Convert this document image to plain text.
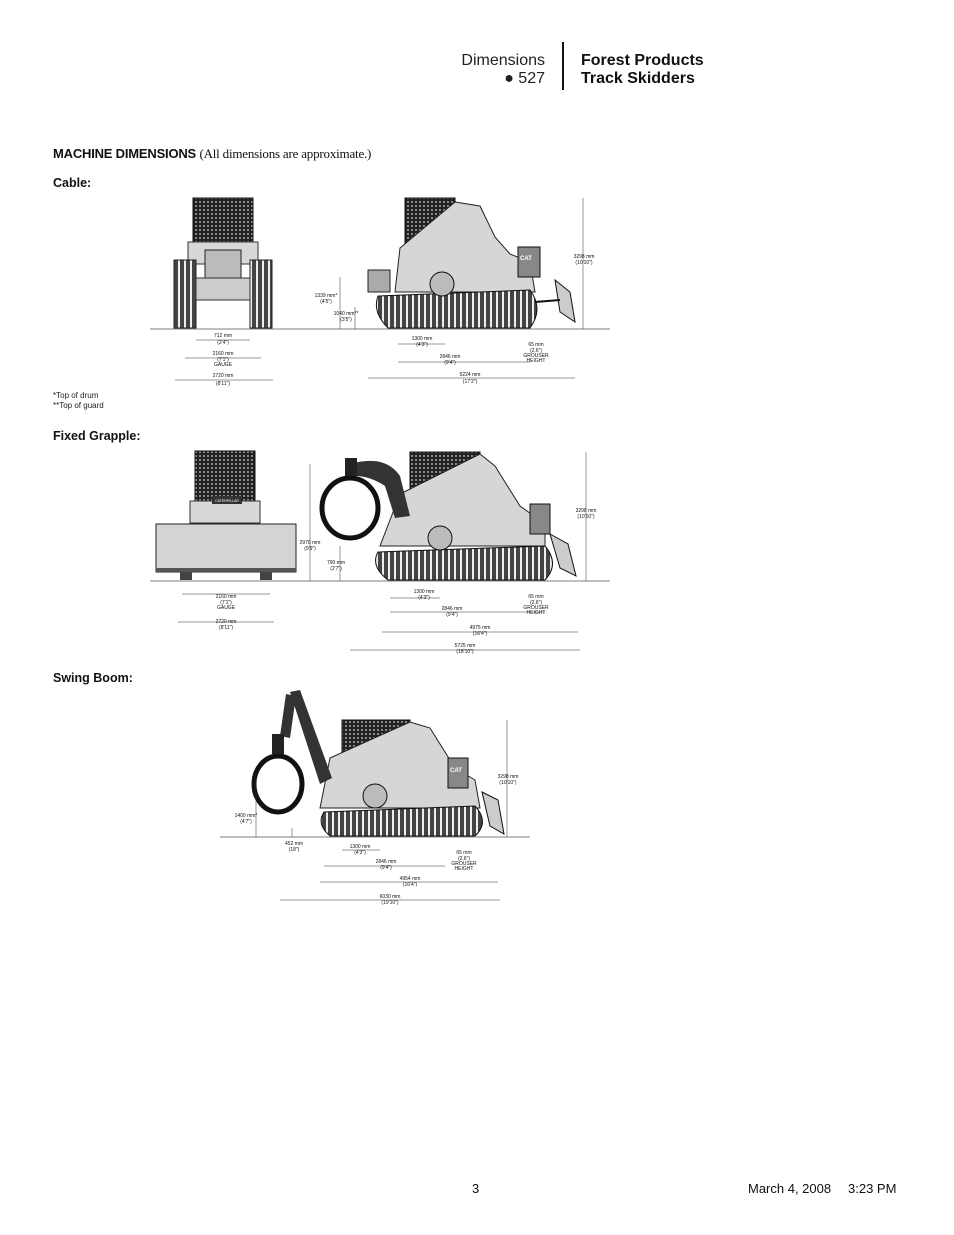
Dimensions
● 527
Forest Products
Track Skidders
MACHINE DIMENSIONS (All dimensions are approximate.)
Cable:
CAT
712 mm
(2'4")
2160 mm
(7'1")
GAUGE
2720 mm
(8'11")
3298 mm
(10'10")
1339 mm*
(4'5")
1040 mm**
(3'5")
1300 mm
(4'3")
2846 mm
(9'4")
65 mm
(2.6")
GROUSER
HEIGHT
5224 mm
(17'2")
*Top of drum
**Top of guard
Fixed Grapple:
CATERPILLAR
2970 mm
(9'9")
790 mm
(2'7")
3298 mm
(10'10")
2160 mm
(7'1")
GAUGE
2720 mm
(8'11")
1300 mm
(4'3")
2846 mm
(9'4")
65 mm
(2.6")
GROUSER
HEIGHT
4975 mm
(16'4")
5725 mm
(18'10")
Swing Boom:
CAT
1400 mm*
(4'7")
452 mm
(18")
3298 mm
(10'10")
1300 mm
(4'3")
2846 mm
(9'4")
65 mm
(2.6")
GROUSER
HEIGHT
4954 mm
(16'4")
6030 mm
(19'10")
3	March 4, 2008 3:23 PM
